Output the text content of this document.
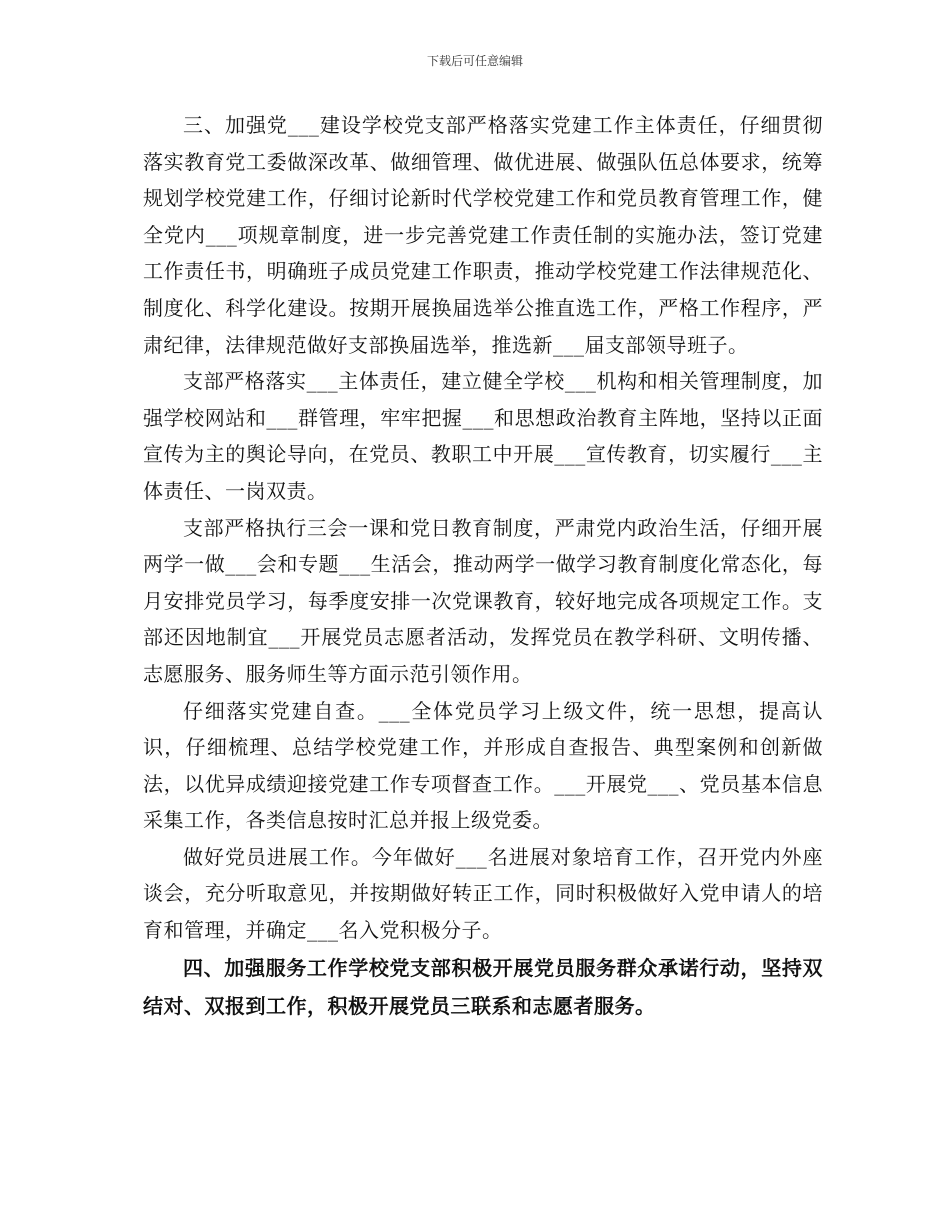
下载后可任意编辑

三、加强党___建设学校党支部严格落实党建工作主体责任，仔细贯彻落实教育党工委做深改革、做细管理、做优进展、做强队伍总体要求，统筹规划学校党建工作，仔细讨论新时代学校党建工作和党员教育管理工作，健全党内___项规章制度，进一步完善党建工作责任制的实施办法，签订党建工作责任书，明确班子成员党建工作职责，推动学校党建工作法律规范化、制度化、科学化建设。按期开展换届选举公推直选工作，严格工作程序，严肃纪律，法律规范做好支部换届选举，推选新___届支部领导班子。

支部严格落实___主体责任，建立健全学校___机构和相关管理制度，加强学校网站和___群管理，牢牢把握___和思想政治教育主阵地，坚持以正面宣传为主的舆论导向，在党员、教职工中开展___宣传教育，切实履行___主体责任、一岗双责。

支部严格执行三会一课和党日教育制度，严肃党内政治生活，仔细开展两学一做___会和专题___生活会，推动两学一做学习教育制度化常态化，每月安排党员学习，每季度安排一次党课教育，较好地完成各项规定工作。支部还因地制宜___开展党员志愿者活动，发挥党员在教学科研、文明传播、志愿服务、服务师生等方面示范引领作用。

仔细落实党建自查。___全体党员学习上级文件，统一思想，提高认识，仔细梳理、总结学校党建工作，并形成自查报告、典型案例和创新做法，以优异成绩迎接党建工作专项督查工作。___开展党___、党员基本信息采集工作，各类信息按时汇总并报上级党委。

做好党员进展工作。今年做好___名进展对象培育工作，召开党内外座谈会，充分听取意见，并按期做好转正工作，同时积极做好入党申请人的培育和管理，并确定___名入党积极分子。

四、加强服务工作学校党支部积极开展党员服务群众承诺行动，坚持双结对、双报到工作，积极开展党员三联系和志愿者服务。
